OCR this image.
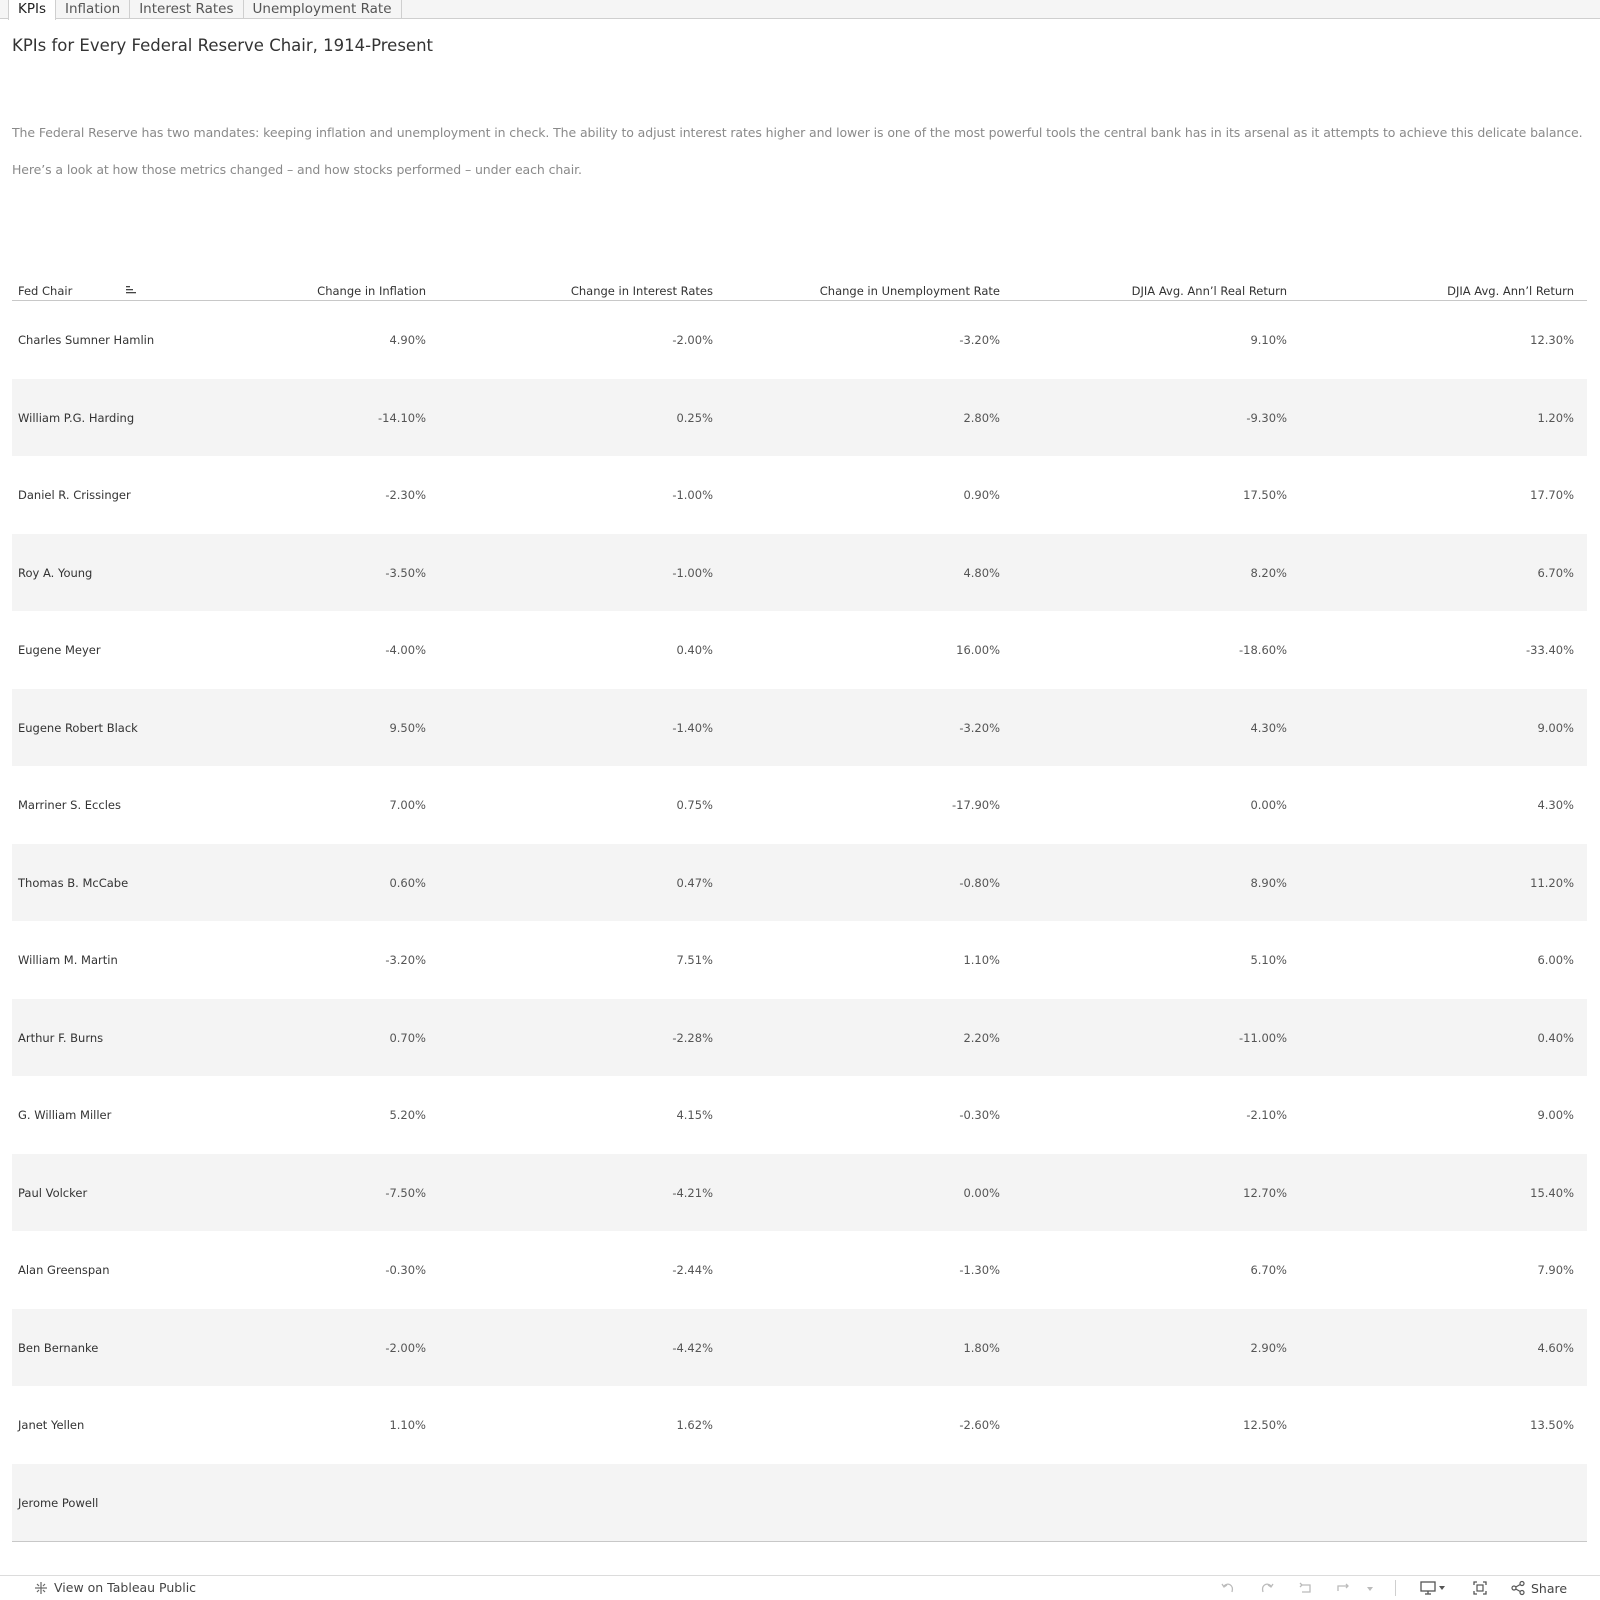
KPIs	Inflation	Interest Rates	Unemployment Rate
KPIs for Every Federal Reserve Chair, 1914-Present
The Federal Reserve has two mandates: keeping inflation and unemployment in check. The ability to adjust interest rates higher and lower is one of the most powerful tools the central bank has in its arsenal as it attempts to achieve this delicate balance.
Here’s a look at how those metrics changed – and how stocks performed – under each chair.
Fed Chair	Change in Inflation	Change in Interest Rates	Change in Unemployment Rate	DJIA Avg. Ann’l Real Return	DJIA Avg. Ann’l Return
Charles Sumner Hamlin	4.90%	-2.00%	-3.20%	9.10%	12.30%
William P.G. Harding	-14.10%	0.25%	2.80%	-9.30%	1.20%
Daniel R. Crissinger	-2.30%	-1.00%	0.90%	17.50%	17.70%
Roy A. Young	-3.50%	-1.00%	4.80%	8.20%	6.70%
Eugene Meyer	-4.00%	0.40%	16.00%	-18.60%	-33.40%
Eugene Robert Black	9.50%	-1.40%	-3.20%	4.30%	9.00%
Marriner S. Eccles	7.00%	0.75%	-17.90%	0.00%	4.30%
Thomas B. McCabe	0.60%	0.47%	-0.80%	8.90%	11.20%
William M. Martin	-3.20%	7.51%	1.10%	5.10%	6.00%
Arthur F. Burns	0.70%	-2.28%	2.20%	-11.00%	0.40%
G. William Miller	5.20%	4.15%	-0.30%	-2.10%	9.00%
Paul Volcker	-7.50%	-4.21%	0.00%	12.70%	15.40%
Alan Greenspan	-0.30%	-2.44%	-1.30%	6.70%	7.90%
Ben Bernanke	-2.00%	-4.42%	1.80%	2.90%	4.60%
Janet Yellen	1.10%	1.62%	-2.60%	12.50%	13.50%
Jerome Powell
View on Tableau Public	Share
